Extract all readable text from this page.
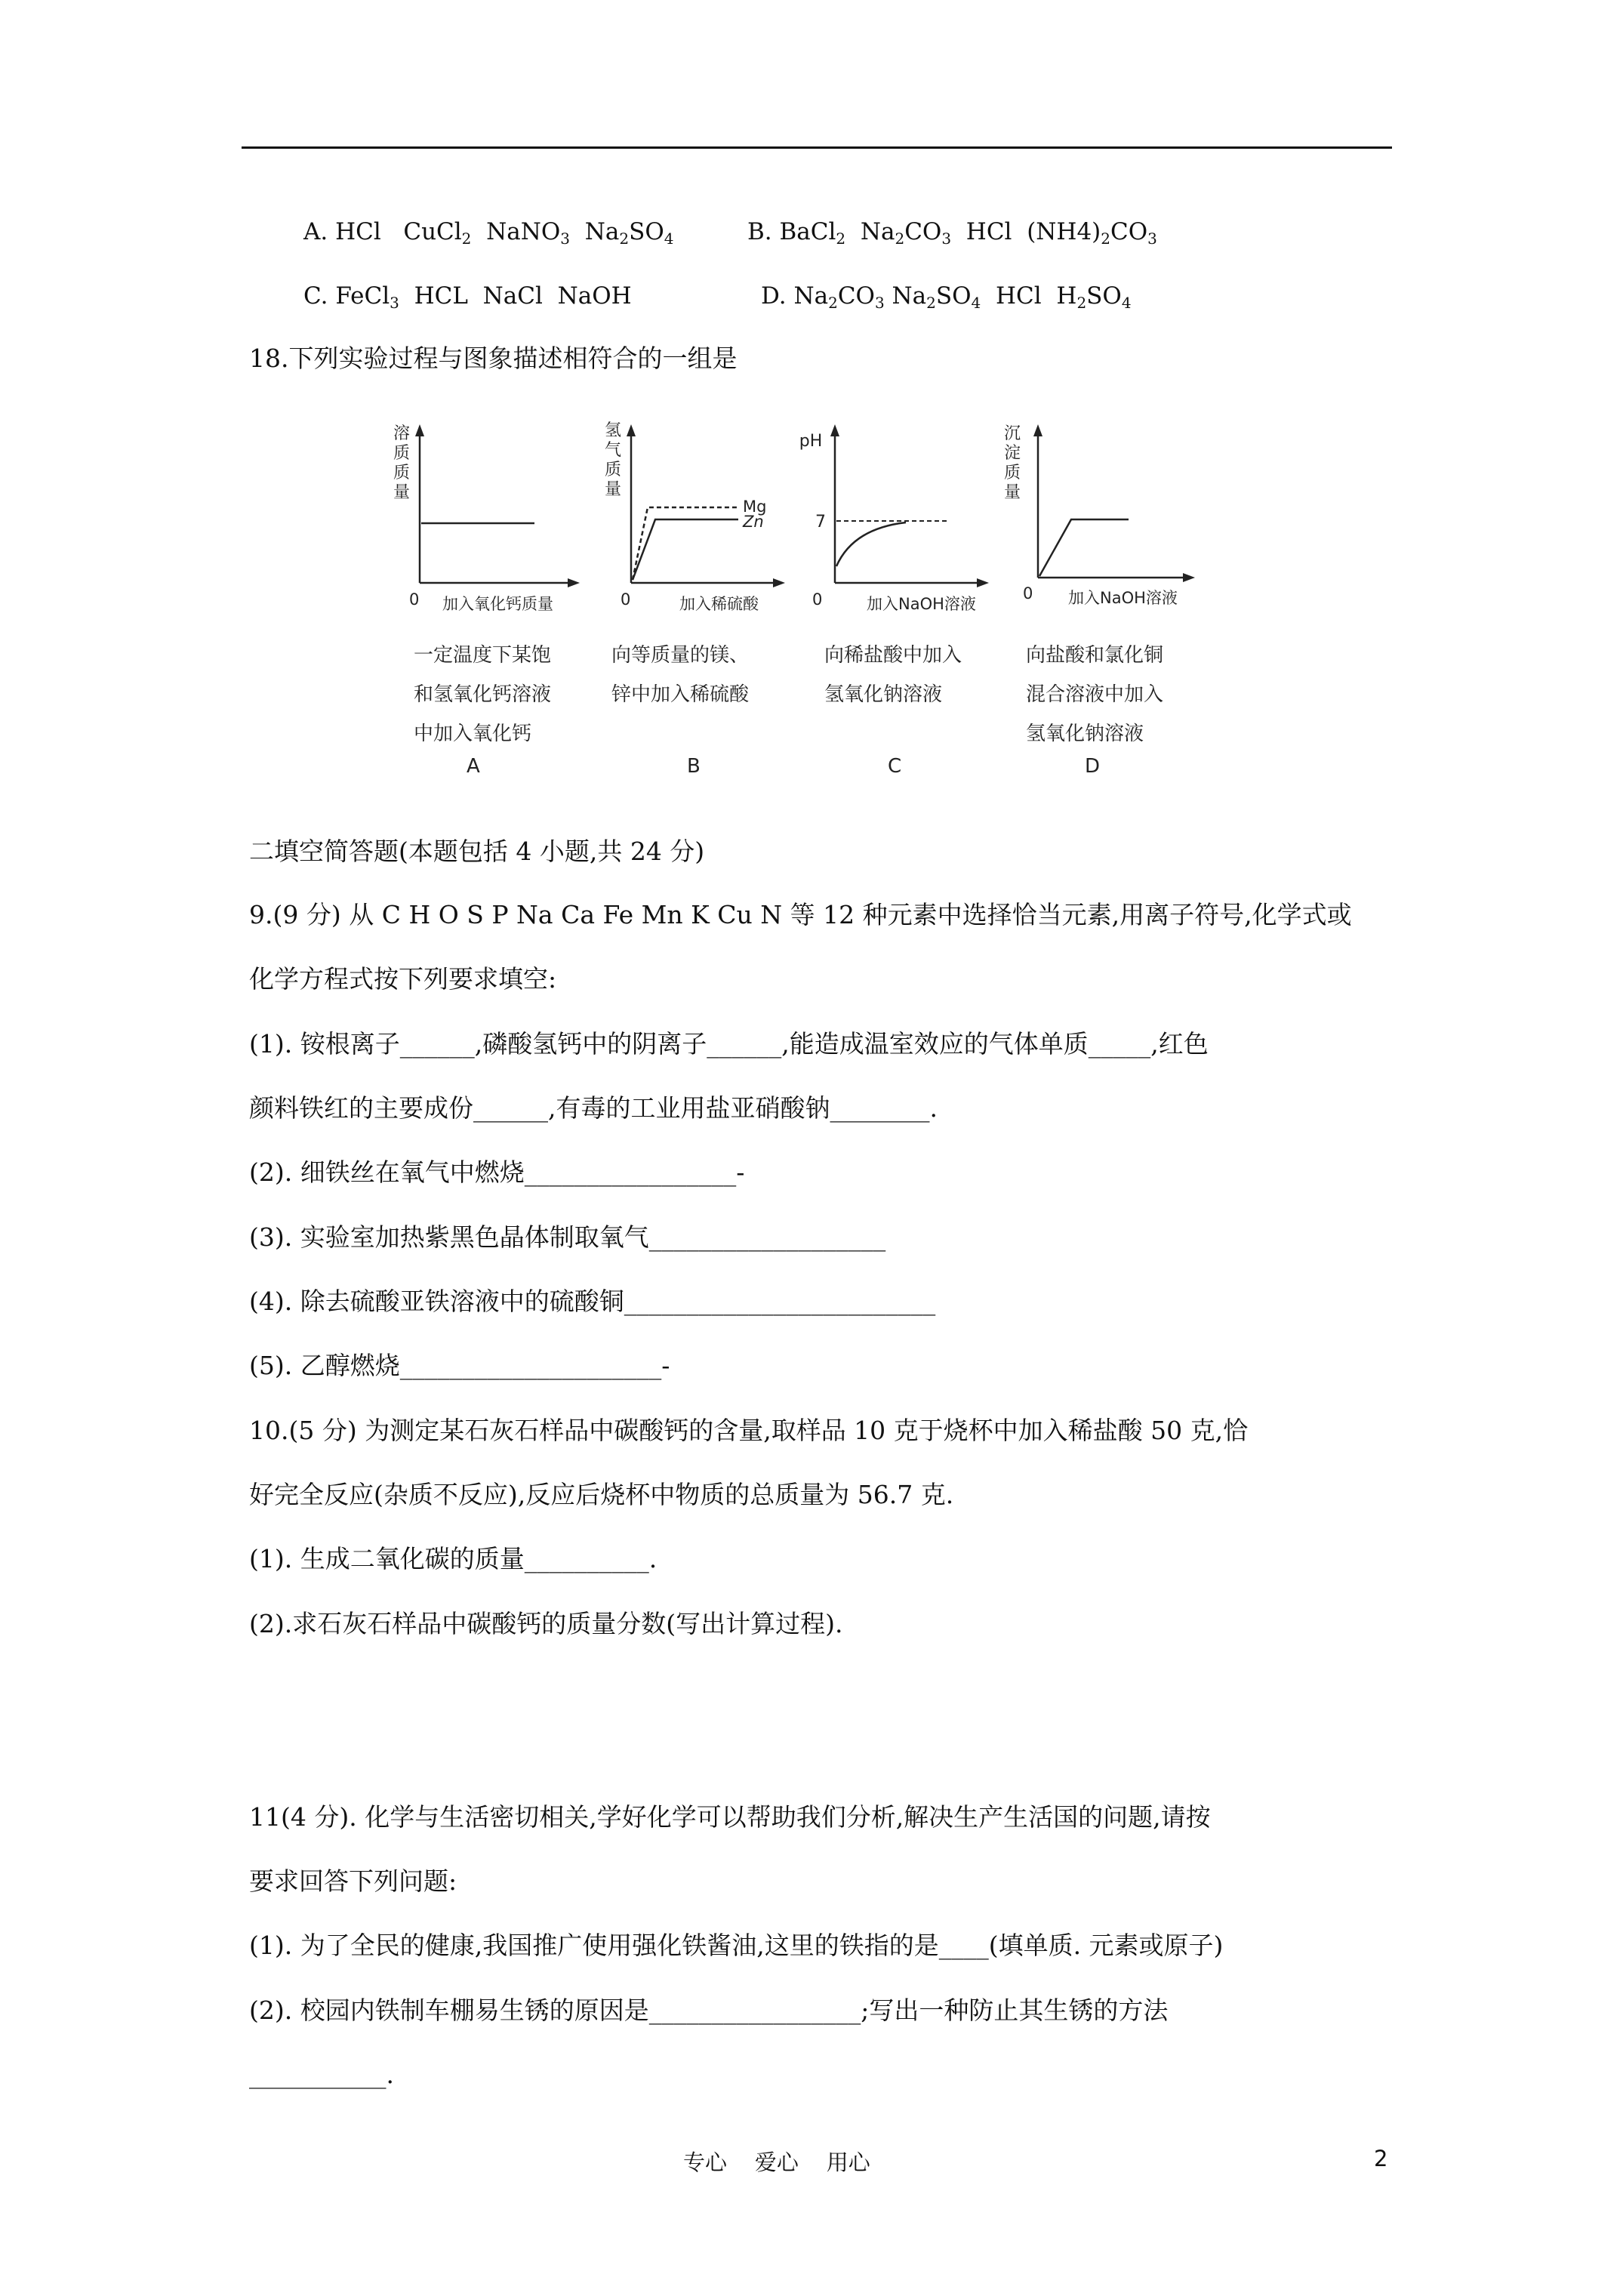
A. HCl CuCl$_2$ NaNO$_3$ $Na_2SO_4$	B. BaCl$_2$ $Na_2CO_3$ HCl $(NH4)_2CO_3$
C. FeCl$_3$ HCL NaCl NaOH	D. $Na_2CO_3$ $Na_2SO_4$ HCl $H_2SO_4$
18.下列实验过程与图象描述相符合的一组是
溶
质
质
量
0 加入氧化钙质量
一定温度下某饱
和氢氧化钙溶液
中加入氧化钙
A
氢
气
质
量
Mg
Zn
0	加入稀硫酸
向等质量的镁、
锌中加入稀硫酸
B
pH
7
0	加入NaOH溶液
向稀盐酸中加入
氢氧化钠溶液
C
沉
淀
质
量
0 加入NaOH溶液
向盐酸和氯化铜
混合溶液中加入
氢氧化钠溶液
D
二填空简答题(本题包括 4 小题,共 24 分)
9.(9 分) 从 C H O S P Na Ca Fe Mn K Cu N 等 12 种元素中选择恰当元素,用离子符号,化学式或
化学方程式按下列要求填空:
(1). 铵根离子______,磷酸氢钙中的阴离子______,能造成温室效应的气体单质_____,红色
颜料铁红的主要成份______,有毒的工业用盐亚硝酸钠________.
(2). 细铁丝在氧气中燃烧_________________-
(3). 实验室加热紫黑色晶体制取氧气___________________
(4). 除去硫酸亚铁溶液中的硫酸铜_________________________
(5). 乙醇燃烧_____________________-
10.(5 分) 为测定某石灰石样品中碳酸钙的含量,取样品 10 克于烧杯中加入稀盐酸 50 克,恰
好完全反应(杂质不反应),反应后烧杯中物质的总质量为 56.7 克.
(1). 生成二氧化碳的质量__________.
(2).求石灰石样品中碳酸钙的质量分数(写出计算过程).
11(4 分). 化学与生活密切相关,学好化学可以帮助我们分析,解决生产生活国的问题,请按
要求回答下列问题:
(1). 为了全民的健康,我国推广使用强化铁酱油,这里的铁指的是____(填单质. 元素或原子)
(2). 校园内铁制车棚易生锈的原因是_________________;写出一种防止其生锈的方法
___________.
专心    爱心    用心	2
